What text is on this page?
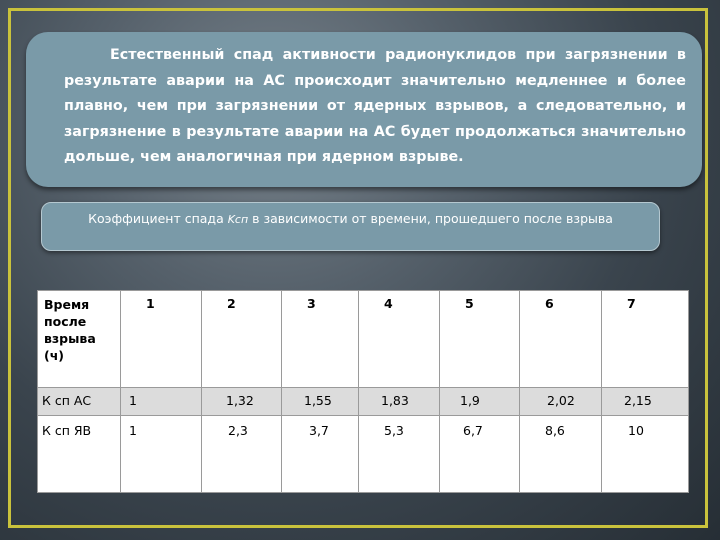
Естественный спад активности радионуклидов при загрязнении в результате аварии на АС происходит значительно медленнее и более плавно, чем при загрязнении от ядерных взрывов, а следовательно, и загрязнение в результате аварии на АС будет продолжаться значительно дольше, чем аналогичная при ядерном взрыве.

Коэффициент спада Kсп в зависимости от времени, прошедшего после взрыва
Время после взрыва (ч)	1	2	3	4	5	6	7
К сп АС	1	1,32	1,55	1,83	1,9	2,02	2,15
К сп ЯВ	1	2,3	3,7	5,3	6,7	8,6	10
